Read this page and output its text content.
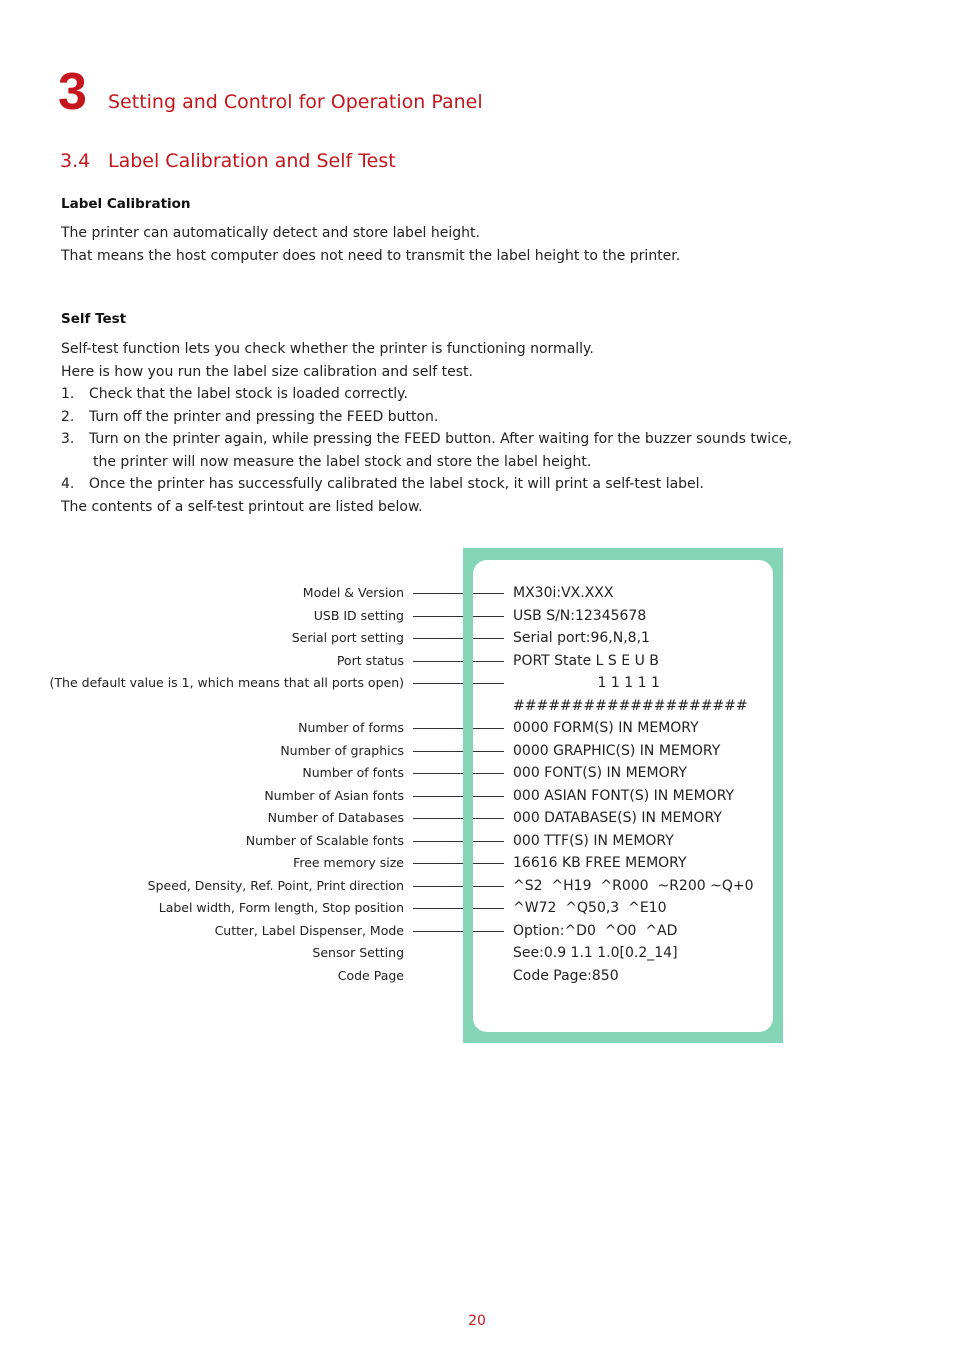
3 Setting and Control for Operation Panel
3.4 Label Calibration and Self Test
Label Calibration
The printer can automatically detect and store label height.
That means the host computer does not need to transmit the label height to the printer.
Self Test
Self-test function lets you check whether the printer is functioning normally.
Here is how you run the label size calibration and self test.
1. Check that the label stock is loaded correctly.
2. Turn off the printer and pressing the FEED button.
3. Turn on the printer again, while pressing the FEED button. After waiting for the buzzer sounds twice,
the printer will now measure the label stock and store the label height.
4. Once the printer has successfully calibrated the label stock, it will print a self-test label.
The contents of a self-test printout are listed below.
Model & Version	MX30i:VX.XXX
USB ID setting	USB S/N:12345678
Serial port setting	Serial port:96,N,8,1
Port status	PORT State L S E U B
(The default value is 1, which means that all ports open)	1 1 1 1 1
####################
Number of forms	0000 FORM(S) IN MEMORY
Number of graphics	0000 GRAPHIC(S) IN MEMORY
Number of fonts	000 FONT(S) IN MEMORY
Number of Asian fonts	000 ASIAN FONT(S) IN MEMORY
Number of Databases	000 DATABASE(S) IN MEMORY
Number of Scalable fonts	000 TTF(S) IN MEMORY
Free memory size	16616 KB FREE MEMORY
Speed, Density, Ref. Point, Print direction	^S2  ^H19  ^R000  ~R200 ~Q+0
Label width, Form length, Stop position	^W72  ^Q50,3  ^E10
Cutter, Label Dispenser, Mode	Option:^D0  ^O0  ^AD
Sensor Setting	See:0.9 1.1 1.0[0.2_14]
Code Page	Code Page:850
20
